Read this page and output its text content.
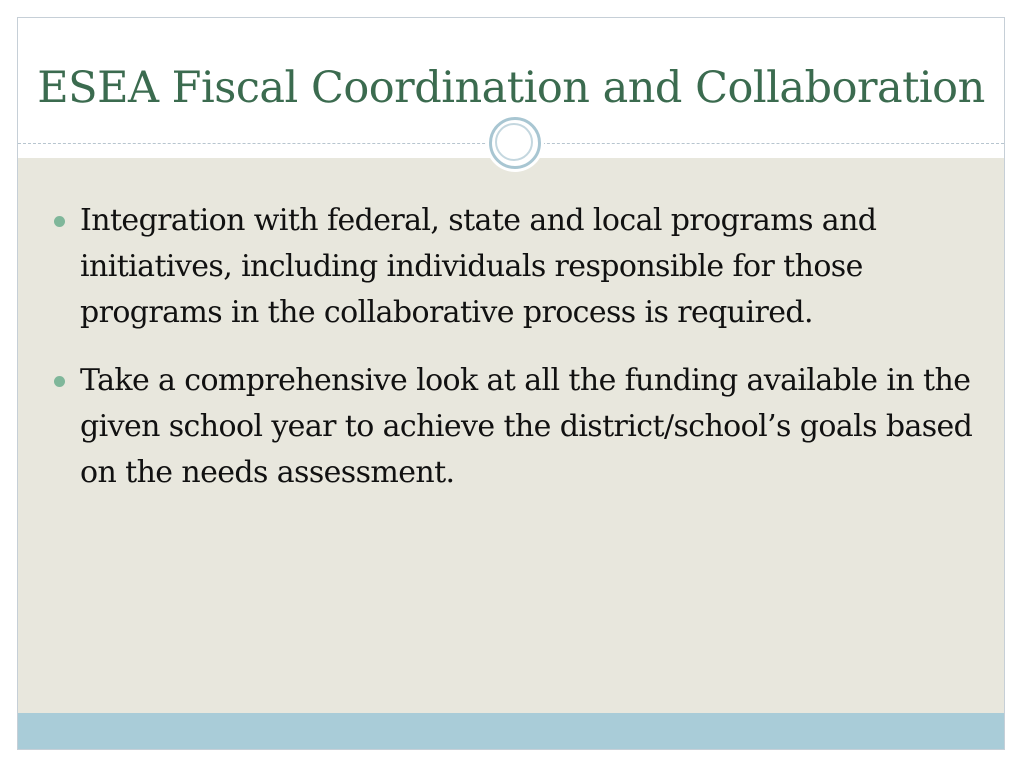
ESEA Fiscal Coordination and Collaboration
Integration with federal, state and local programs and initiatives, including individuals responsible for those programs in the collaborative process is required.
Take a comprehensive look at all the funding available in the given school year to achieve the district/school’s goals based on the needs assessment.
